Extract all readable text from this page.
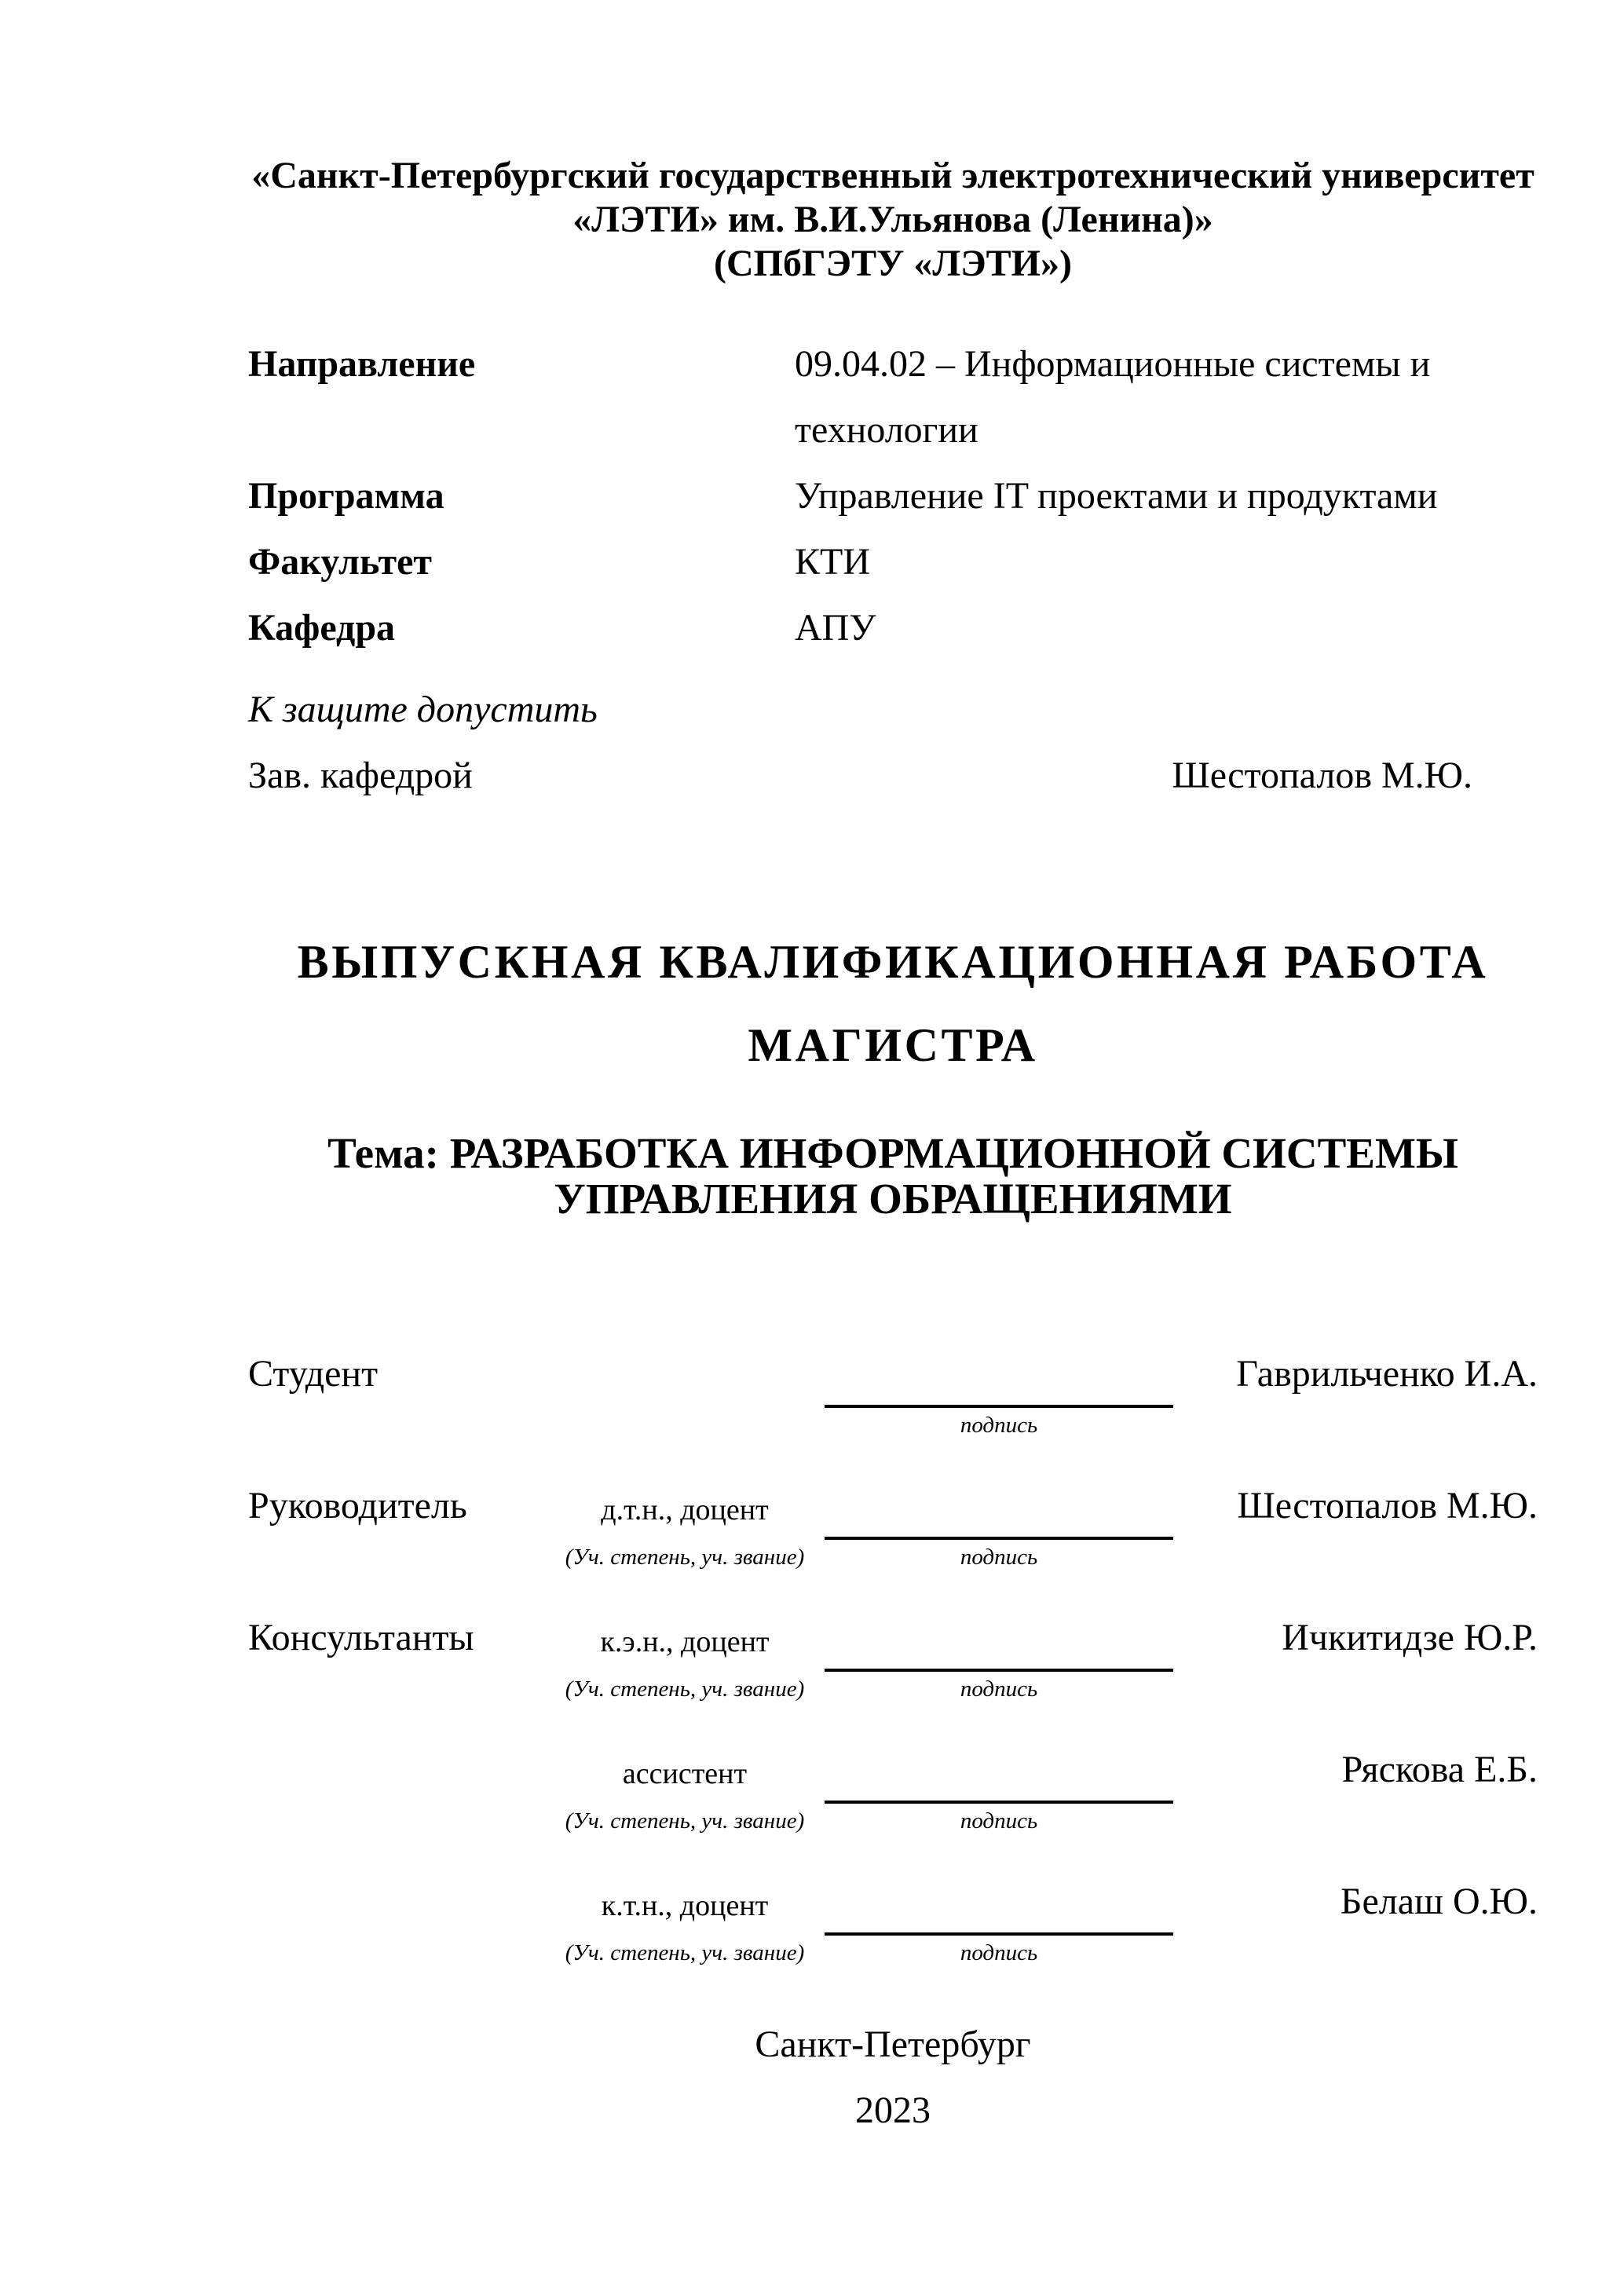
«Санкт-Петербургский государственный электротехнический университет
«ЛЭТИ» им. В.И.Ульянова (Ленина)»
(СПбГЭТУ «ЛЭТИ»)
Направление	09.04.02 – Информационные системы и технологии
Программа	Управление IT проектами и продуктами
Факультет	КТИ
Кафедра	АПУ
К защите допустить
Зав. кафедрой	Шестопалов М.Ю.
ВЫПУСКНАЯ КВАЛИФИКАЦИОННАЯ РАБОТА
МАГИСТРА
Тема: РАЗРАБОТКА ИНФОРМАЦИОННОЙ СИСТЕМЫ
УПРАВЛЕНИЯ ОБРАЩЕНИЯМИ
Студент	Гаврильченко И.А.
подпись
Руководитель	д.т.н., доцент	Шестопалов М.Ю.
(Уч. степень, уч. звание)	подпись
Консультанты	к.э.н., доцент	Ичкитидзе Ю.Р.
(Уч. степень, уч. звание)	подпись
ассистент	Ряскова Е.Б.
(Уч. степень, уч. звание)	подпись
к.т.н., доцент	Белаш О.Ю.
(Уч. степень, уч. звание)	подпись
Санкт-Петербург
2023
